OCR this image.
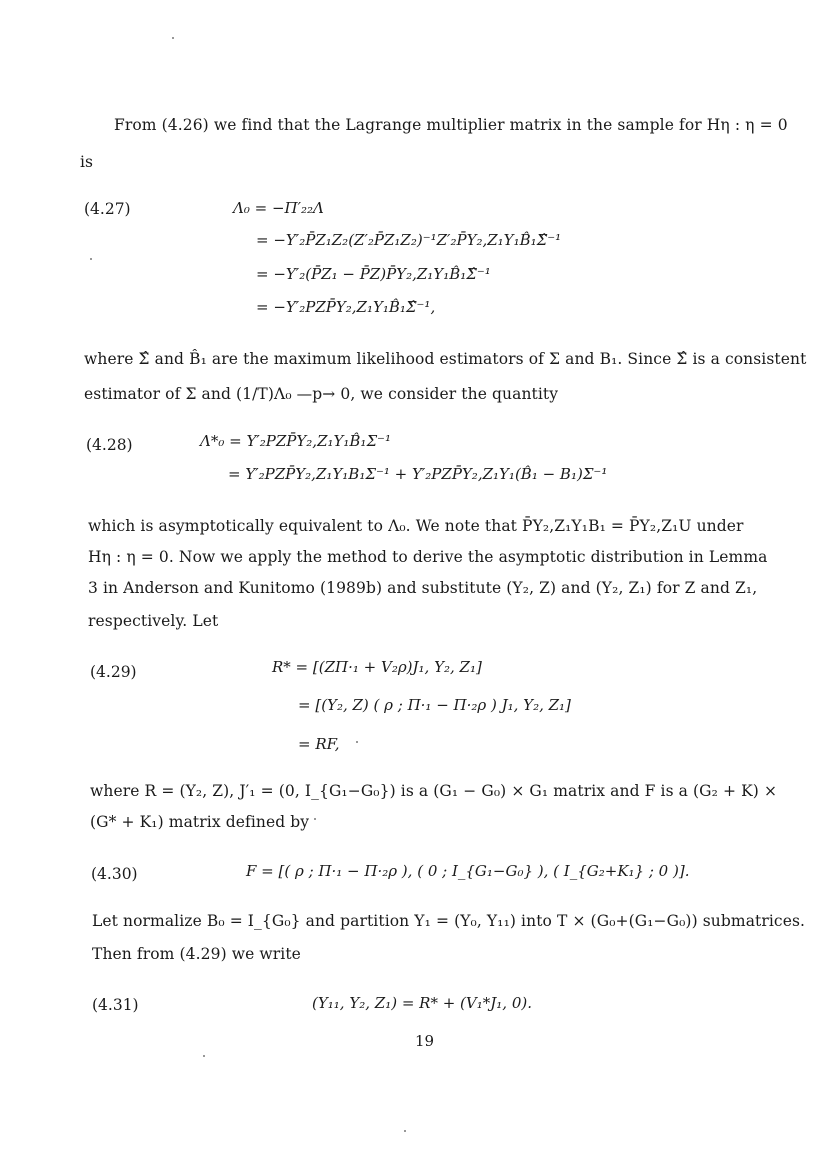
From (4.26) we find that the Lagrange multiplier matrix in the sample for Hη : η = 0
is
(4.27)	Λ₀ = −Π′₂₂Λ
= −Y′₂P̄Z₁Z₂(Z′₂P̄Z₁Z₂)⁻¹Z′₂P̄Y₂,Z₁Y₁B̂₁Σ̂⁻¹
= −Y′₂(P̄Z₁ − P̄Z)P̄Y₂,Z₁Y₁B̂₁Σ̂⁻¹
= −Y′₂PZP̄Y₂,Z₁Y₁B̂₁Σ̂⁻¹,
where Σ̂ and B̂₁ are the maximum likelihood estimators of Σ and B₁. Since Σ̂ is a consistent
estimator of Σ and (1/T)Λ₀ —p→ 0, we consider the quantity
(4.28)	Λ*₀ = Y′₂PZP̄Y₂,Z₁Y₁B̂₁Σ⁻¹
= Y′₂PZP̄Y₂,Z₁Y₁B₁Σ⁻¹ + Y′₂PZP̄Y₂,Z₁Y₁(B̂₁ − B₁)Σ⁻¹
which is asymptotically equivalent to Λ₀. We note that P̄Y₂,Z₁Y₁B₁ = P̄Y₂,Z₁U under
Hη : η = 0. Now we apply the method to derive the asymptotic distribution in Lemma
3 in Anderson and Kunitomo (1989b) and substitute (Y₂, Z) and (Y₂, Z₁) for Z and Z₁,
respectively. Let
(4.29)	R* = [(ZΠ·₁ + V₂ρ)J₁, Y₂, Z₁]
= [(Y₂, Z) ( ρ ; Π·₁ − Π·₂ρ ) J₁, Y₂, Z₁]
= RF,
where R = (Y₂, Z), J′₁ = (0, I_{G₁−G₀}) is a (G₁ − G₀) × G₁ matrix and F is a (G₂ + K) ×
(G* + K₁) matrix defined by
(4.30)	F = [( ρ ; Π·₁ − Π·₂ρ ), ( 0 ; I_{G₁−G₀} ), ( I_{G₂+K₁} ; 0 )].
Let normalize B₀ = I_{G₀} and partition Y₁ = (Y₀, Y₁₁) into T × (G₀+(G₁−G₀)) submatrices.
Then from (4.29) we write
(4.31)	(Y₁₁, Y₂, Z₁) = R* + (V₁*J₁, 0).
19
